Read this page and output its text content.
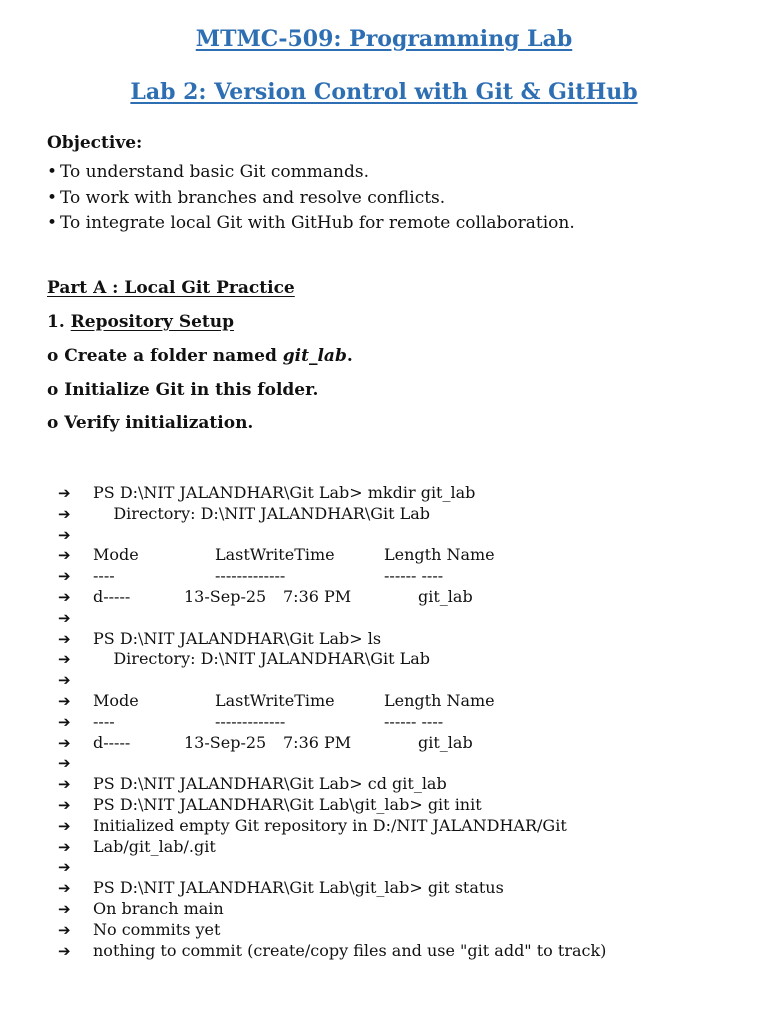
MTMC-509: Programming Lab
Lab 2: Version Control with Git & GitHub

Objective:

• To understand basic Git commands.
• To work with branches and resolve conflicts.
• To integrate local Git with GitHub for remote collaboration.

Part A : Local Git Practice

1. Repository Setup

o Create a folder named git_lab.

o Initialize Git in this folder.

o Verify initialization.

➔ PS D:\NIT JALANDHAR\Git Lab> mkdir git_lab
➔ Directory: D:\NIT JALANDHAR\Git Lab
➔
➔ Mode	LastWriteTime	Length Name
➔ ----	-------------	------ ----
➔ d-----	13-Sep-25 7:36 PM	git_lab
➔
➔ PS D:\NIT JALANDHAR\Git Lab> ls
➔ Directory: D:\NIT JALANDHAR\Git Lab
➔
➔ Mode	LastWriteTime	Length Name
➔ ----	-------------	------ ----
➔ d-----	13-Sep-25 7:36 PM	git_lab
➔
➔ PS D:\NIT JALANDHAR\Git Lab> cd git_lab
➔ PS D:\NIT JALANDHAR\Git Lab\git_lab> git init
➔ Initialized empty Git repository in D:/NIT JALANDHAR/Git
➔ Lab/git_lab/.git
➔
➔ PS D:\NIT JALANDHAR\Git Lab\git_lab> git status
➔ On branch main
➔ No commits yet
➔ nothing to commit (create/copy files and use "git add" to track)
